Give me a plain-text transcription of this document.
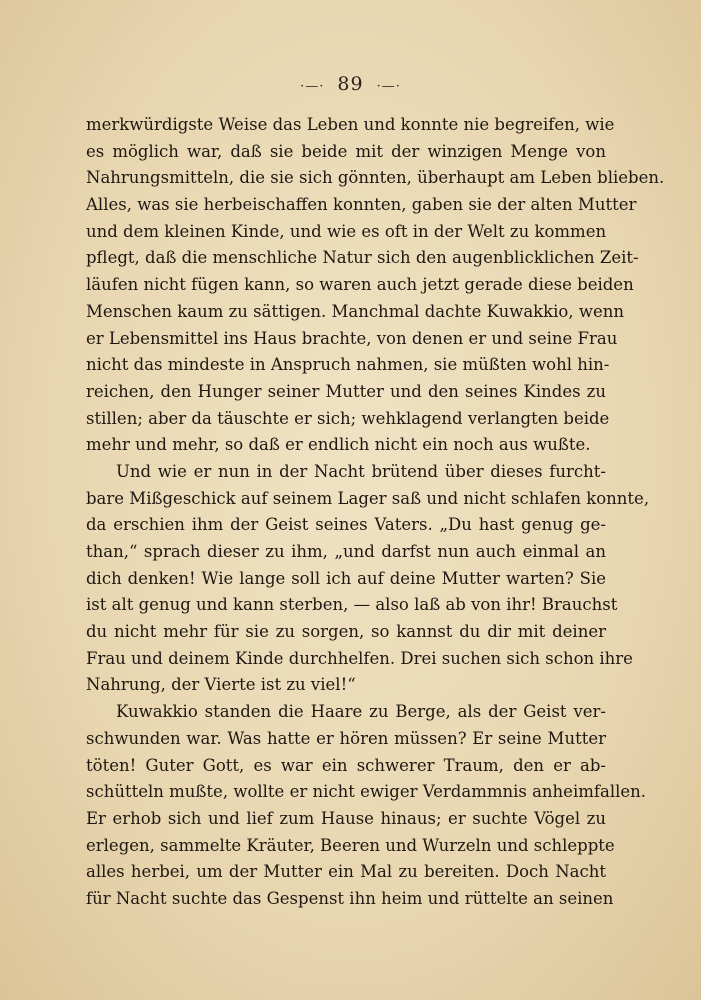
·—· 89 ·—·
merkwürdigste Weise das Leben und konnte nie begreifen, wie
es möglich war, daß sie beide mit der winzigen Menge von
Nahrungsmitteln, die sie sich gönnten, überhaupt am Leben blieben.
Alles, was sie herbeischaffen konnten, gaben sie der alten Mutter
und dem kleinen Kinde, und wie es oft in der Welt zu kommen
pflegt, daß die menschliche Natur sich den augenblicklichen Zeit-
läufen nicht fügen kann, so waren auch jetzt gerade diese beiden
Menschen kaum zu sättigen. Manchmal dachte Kuwakkio, wenn
er Lebensmittel ins Haus brachte, von denen er und seine Frau
nicht das mindeste in Anspruch nahmen, sie müßten wohl hin-
reichen, den Hunger seiner Mutter und den seines Kindes zu
stillen; aber da täuschte er sich; wehklagend verlangten beide
mehr und mehr, so daß er endlich nicht ein noch aus wußte.
Und wie er nun in der Nacht brütend über dieses furcht-
bare Mißgeschick auf seinem Lager saß und nicht schlafen konnte,
da erschien ihm der Geist seines Vaters. „Du hast genug ge-
than,“ sprach dieser zu ihm, „und darfst nun auch einmal an
dich denken! Wie lange soll ich auf deine Mutter warten? Sie
ist alt genug und kann sterben, — also laß ab von ihr! Brauchst
du nicht mehr für sie zu sorgen, so kannst du dir mit deiner
Frau und deinem Kinde durchhelfen. Drei suchen sich schon ihre
Nahrung, der Vierte ist zu viel!“
Kuwakkio standen die Haare zu Berge, als der Geist ver-
schwunden war. Was hatte er hören müssen? Er seine Mutter
töten! Guter Gott, es war ein schwerer Traum, den er ab-
schütteln mußte, wollte er nicht ewiger Verdammnis anheimfallen.
Er erhob sich und lief zum Hause hinaus; er suchte Vögel zu
erlegen, sammelte Kräuter, Beeren und Wurzeln und schleppte
alles herbei, um der Mutter ein Mal zu bereiten. Doch Nacht
für Nacht suchte das Gespenst ihn heim und rüttelte an seinen
